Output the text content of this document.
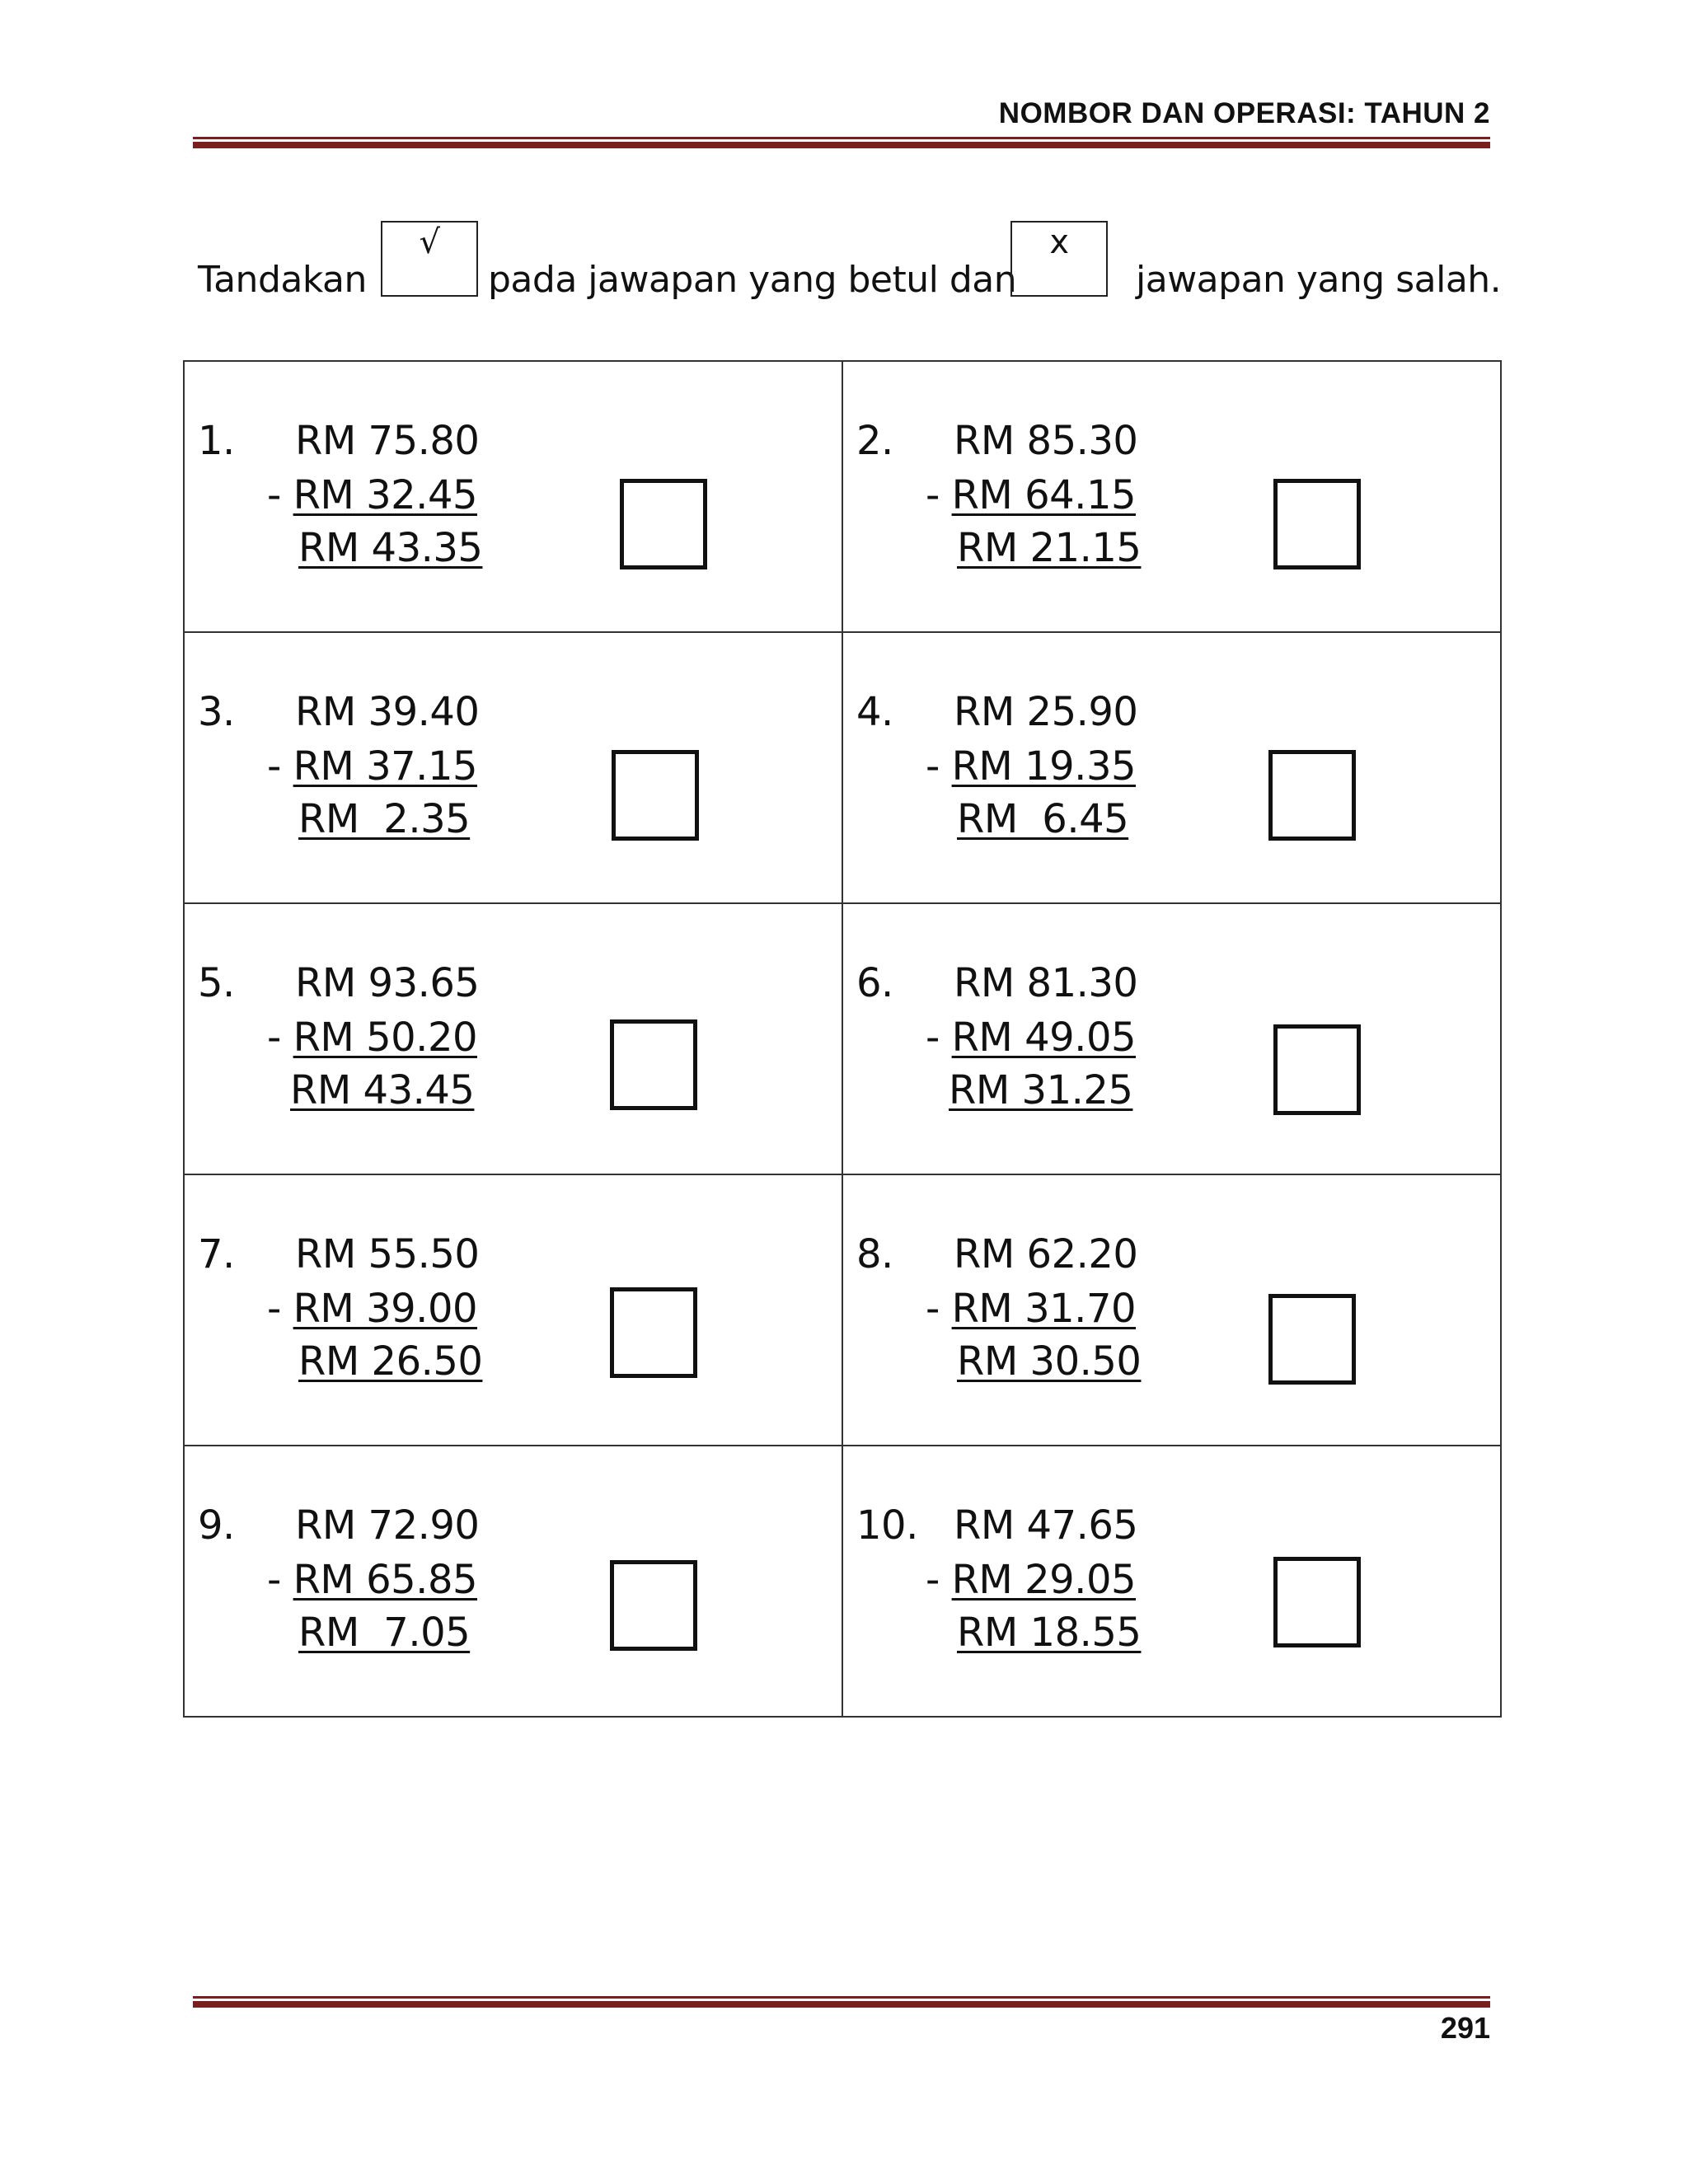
NOMBOR DAN OPERASI: TAHUN 2
Tandakan
√
pada jawapan yang betul dan
x
jawapan yang salah.
1. RM 75.80
- RM 32.45
RM 43.35	2. RM 85.30
- RM 64.15
RM 21.15

3. RM 39.40
- RM 37.15
RM  2.35	4. RM 25.90
- RM 19.35
RM  6.45

5. RM 93.65
- RM 50.20
RM 43.45	6. RM 81.30
- RM 49.05
RM 31.25

7. RM 55.50
- RM 39.00
RM 26.50	8. RM 62.20
- RM 31.70
RM 30.50

9. RM 72.90
- RM 65.85
RM  7.05	10. RM 47.65
- RM 29.05
RM 18.55
291
